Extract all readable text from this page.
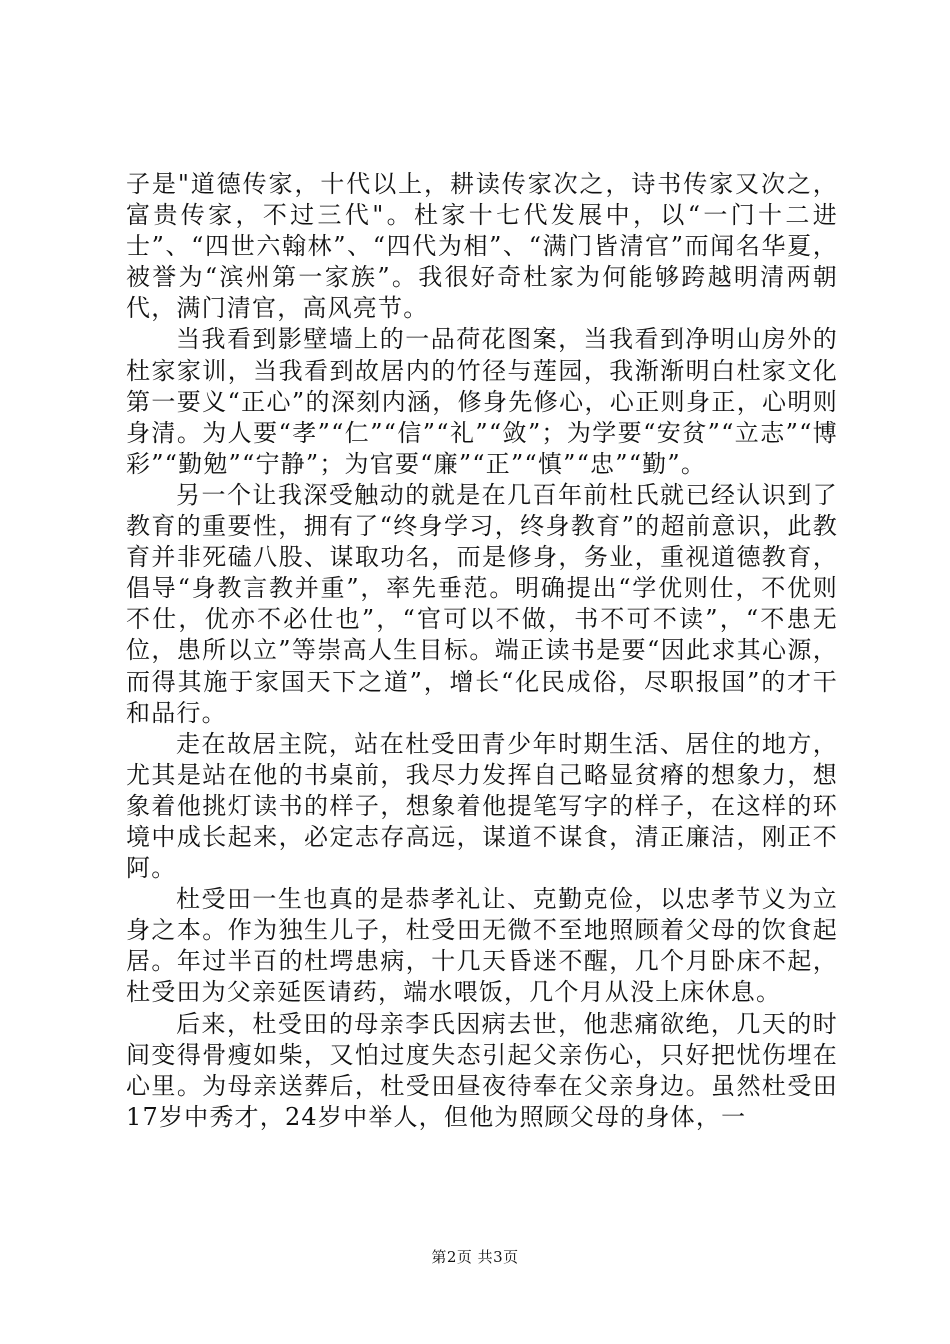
子是"道德传家，十代以上，耕读传家次之，诗书传家又次之，富贵传家，不过三代"。杜家十七代发展中，以“一门十二进士”、“四世六翰林”、“四代为相”、“满门皆清官”而闻名华夏，被誉为“滨州第一家族”。我很好奇杜家为何能够跨越明清两朝代，满门清官，高风亮节。

当我看到影壁墙上的一品荷花图案，当我看到净明山房外的杜家家训，当我看到故居内的竹径与莲园，我渐渐明白杜家文化第一要义“正心”的深刻内涵，修身先修心，心正则身正，心明则身清。为人要“孝”“仁”“信”“礼”“敛”；为学要“安贫”“立志”“博彩”“勤勉”“宁静”；为官要“廉”“正”“慎”“忠”“勤”。

另一个让我深受触动的就是在几百年前杜氏就已经认识到了教育的重要性，拥有了“终身学习，终身教育”的超前意识，此教育并非死磕八股、谋取功名，而是修身，务业，重视道德教育，倡导“身教言教并重”，率先垂范。明确提出“学优则仕，不优则不仕，优亦不必仕也”，“官可以不做，书不可不读”，“不患无位，患所以立”等崇高人生目标。端正读书是要“因此求其心源，而得其施于家国天下之道”，增长“化民成俗，尽职报国”的才干和品行。

走在故居主院，站在杜受田青少年时期生活、居住的地方，尤其是站在他的书桌前，我尽力发挥自己略显贫瘠的想象力，想象着他挑灯读书的样子，想象着他提笔写字的样子，在这样的环境中成长起来，必定志存高远，谋道不谋食，清正廉洁，刚正不阿。

杜受田一生也真的是恭孝礼让、克勤克俭，以忠孝节义为立身之本。作为独生儿子，杜受田无微不至地照顾着父母的饮食起居。年过半百的杜堮患病，十几天昏迷不醒，几个月卧床不起，杜受田为父亲延医请药，端水喂饭，几个月从没上床休息。

后来，杜受田的母亲李氏因病去世，他悲痛欲绝，几天的时间变得骨瘦如柴，又怕过度失态引起父亲伤心，只好把忧伤埋在心里。为母亲送葬后，杜受田昼夜待奉在父亲身边。虽然杜受田17岁中秀才，24岁中举人，但他为照顾父母的身体，一

第2页 共3页
